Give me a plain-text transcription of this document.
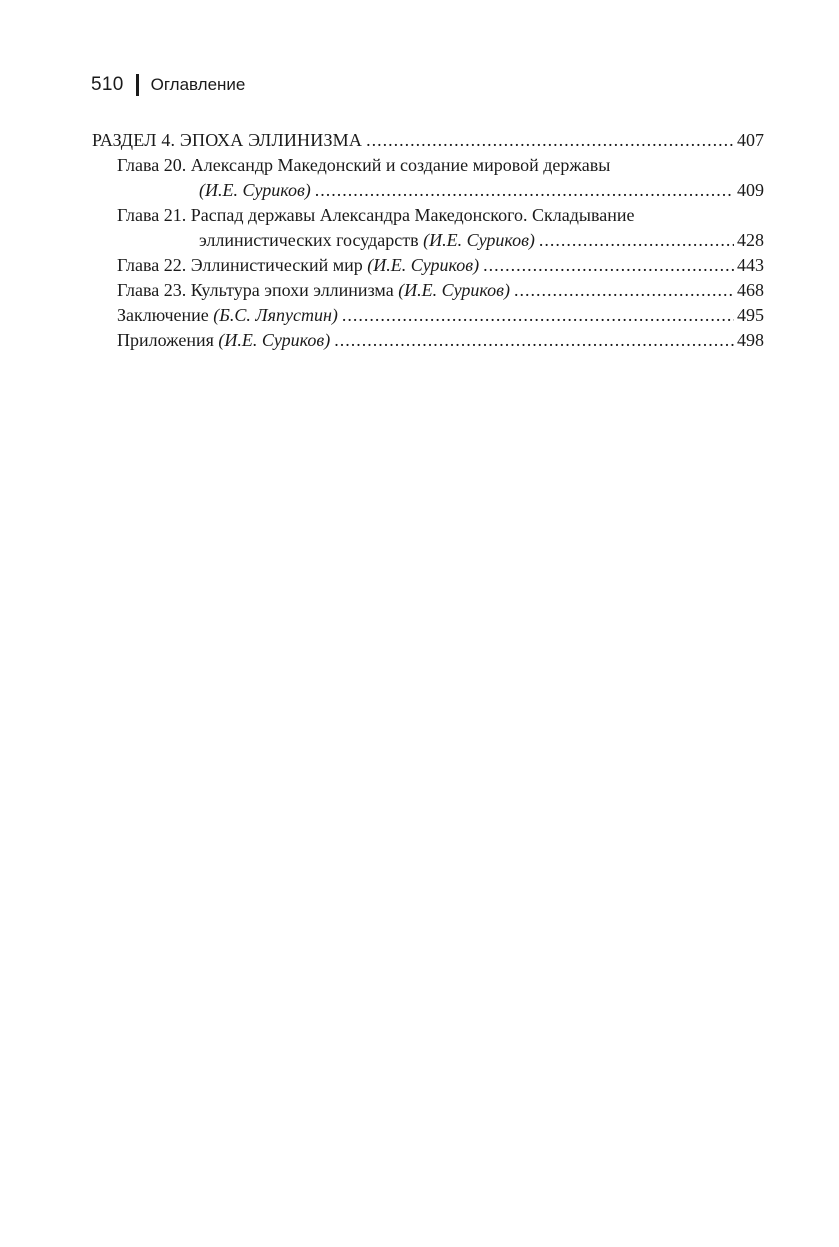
510 Оглавление
РАЗДЕЛ 4. ЭПОХА ЭЛЛИНИЗМА .....	407
Глава 20. Александр Македонский и создание мировой державы
(И.Е. Суриков) .....	409
Глава 21. Распад державы Александра Македонского. Складывание
эллинистических государств
(И.Е. Суриков) .....	428
Глава 22. Эллинистический мир
(И.Е. Суриков) .....	443
Глава 23. Культура эпохи эллинизма
(И.Е. Суриков) .....	468
Заключение
(Б.С. Ляпустин) .....	495
Приложения
(И.Е. Суриков) .....	498
